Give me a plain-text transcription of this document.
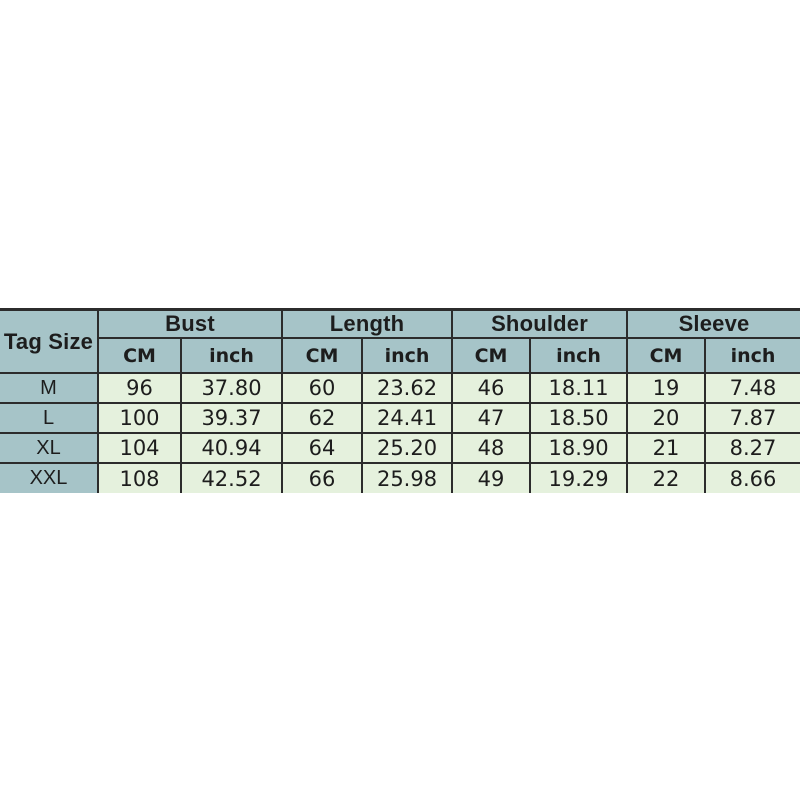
Tag Size	Bust		Length		Shoulder		Sleeve	
	CM	inch	CM	inch	CM	inch	CM	inch
M	96	37.80	60	23.62	46	18.11	19	7.48
L	100	39.37	62	24.41	47	18.50	20	7.87
XL	104	40.94	64	25.20	48	18.90	21	8.27
XXL	108	42.52	66	25.98	49	19.29	22	8.66
